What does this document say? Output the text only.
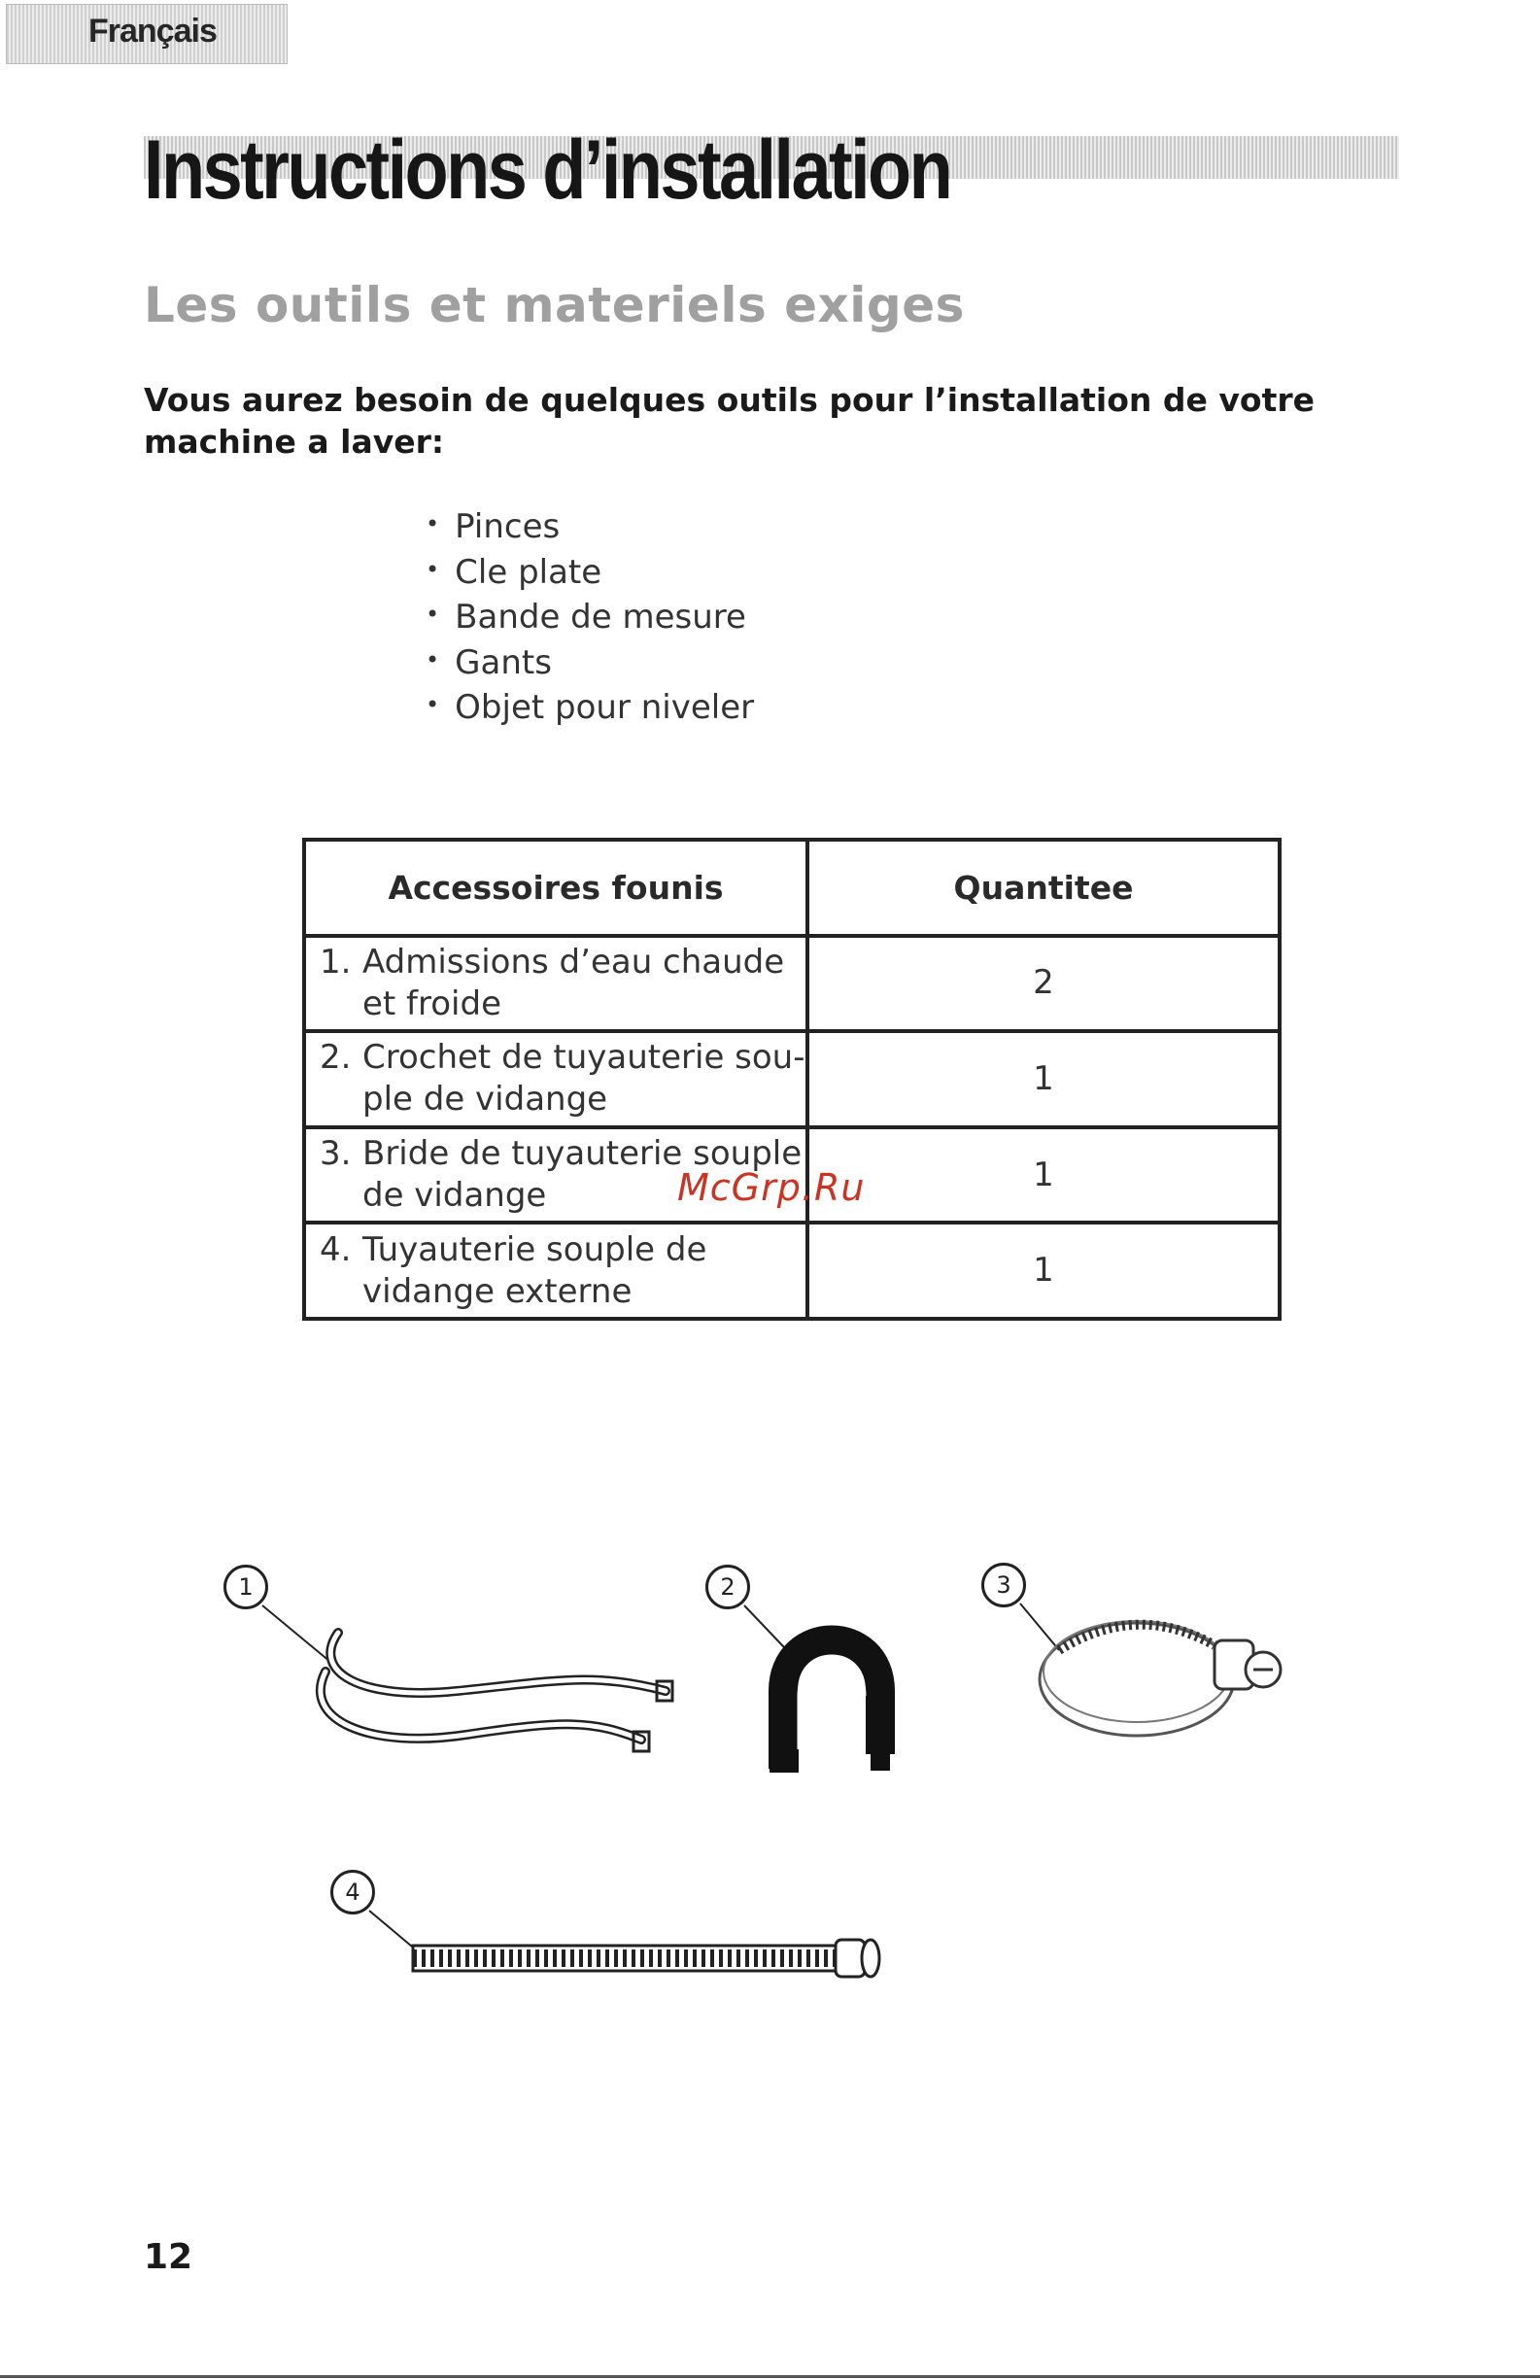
Français
Instructions d’installation
Les outils et materiels exiges

Vous aurez besoin de quelques outils pour l’installation de votre
machine a laver:

• Pinces
• Cle plate
• Bande de mesure
• Gants
• Objet pour niveler
Accessoires founis	Quantitee
1. Admissions d’eau chaude
et froide	2
2. Crochet de tuyauterie sou-
ple de vidange	1
3. Bride de tuyauterie souple
de vidange	1
4. Tuyauterie souple de
vidange externe	1
McGrp.Ru
1	2	3
4
12
